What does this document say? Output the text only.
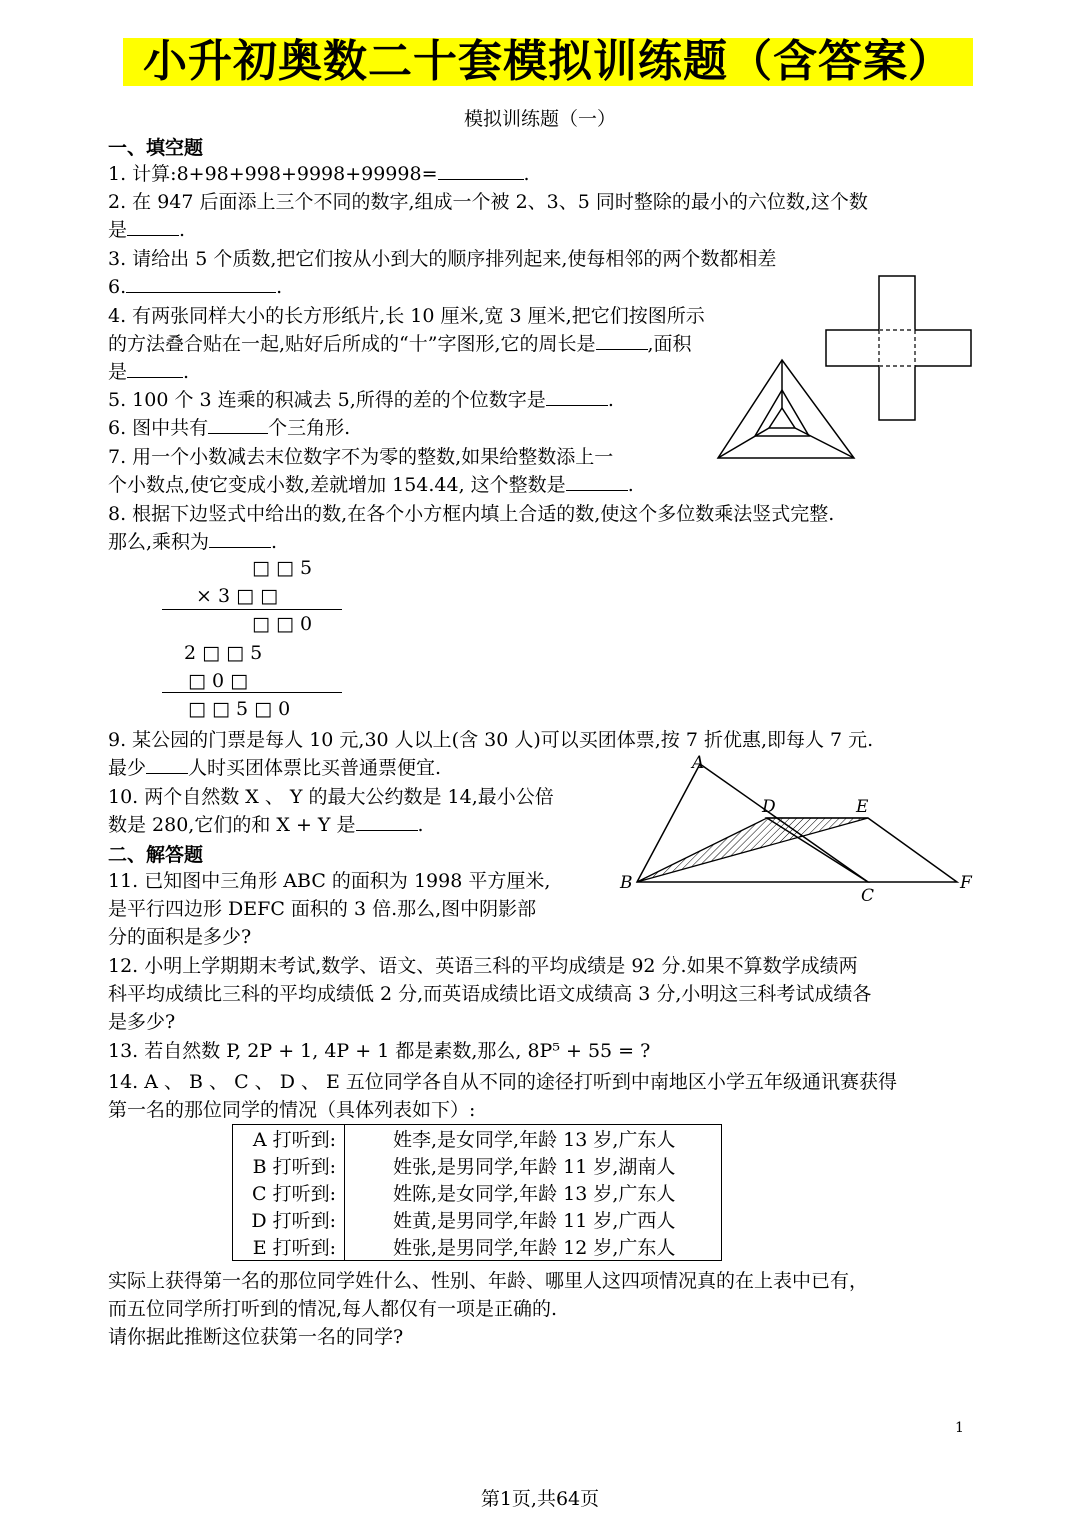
小升初奥数二十套模拟训练题（含答案）
模拟训练题（一）
一、填空题
1. 计算:8+98+998+9998+99998=	.
2. 在 947 后面添上三个不同的数字,组成一个被 2、3、5 同时整除的最小的六位数,这个数
是	.
3. 请给出 5 个质数,把它们按从小到大的顺序排列起来,使每相邻的两个数都相差
6.	.
4. 有两张同样大小的长方形纸片,长 10 厘米,宽 3 厘米,把它们按图所示
的方法叠合贴在一起,贴好后所成的“十”字图形,它的周长是	,面积
是	.
5. 100 个 3 连乘的积减去 5,所得的差的个位数字是	.
6. 图中共有	个三角形.
7. 用一个小数减去末位数字不为零的整数,如果给整数添上一
个小数点,使它变成小数,差就增加 154.44, 这个整数是	.
8. 根据下边竖式中给出的数,在各个小方框内填上合适的数,使这个多位数乘法竖式完整.
那么,乘积为	.
□ □ 5
× 3 □ □
□ □ 0
2 □ □ 5
□ 0 □
□ □ 5 □ 0
9. 某公园的门票是每人 10 元,30 人以上(含 30 人)可以买团体票,按 7 折优惠,即每人 7 元.
最少 人时买团体票比买普通票便宜.
10. 两个自然数 X 、 Y 的最大公约数是 14,最小公倍
数是 280,它们的和 X + Y 是	.
二、解答题
11. 已知图中三角形 ABC 的面积为 1998 平方厘米,
是平行四边形 DEFC 面积的 3 倍.那么,图中阴影部
分的面积是多少?
12. 小明上学期期末考试,数学、语文、英语三科的平均成绩是 92 分.如果不算数学成绩两
科平均成绩比三科的平均成绩低 2 分,而英语成绩比语文成绩高 3 分,小明这三科考试成绩各
是多少?
13. 若自然数 P, 2P + 1, 4P + 1 都是素数,那么, 8P⁵ + 55 = ?
14. A 、 B 、 C 、 D 、 E 五位同学各自从不同的途径打听到中南地区小学五年级通讯赛获得
第一名的那位同学的情况（具体列表如下）:
A 打听到:	姓李,是女同学,年龄 13 岁,广东人
B 打听到:	姓张,是男同学,年龄 11 岁,湖南人
C 打听到:	姓陈,是女同学,年龄 13 岁,广东人
D 打听到:	姓黄,是男同学,年龄 11 岁,广西人
E 打听到:	姓张,是男同学,年龄 12 岁,广东人
实际上获得第一名的那位同学姓什么、性别、年龄、哪里人这四项情况真的在上表中已有，
而五位同学所打听到的情况,每人都仅有一项是正确的.
请你据此推断这位获第一名的同学?
A
D	E
B
C
F
1
第1页,共64页
